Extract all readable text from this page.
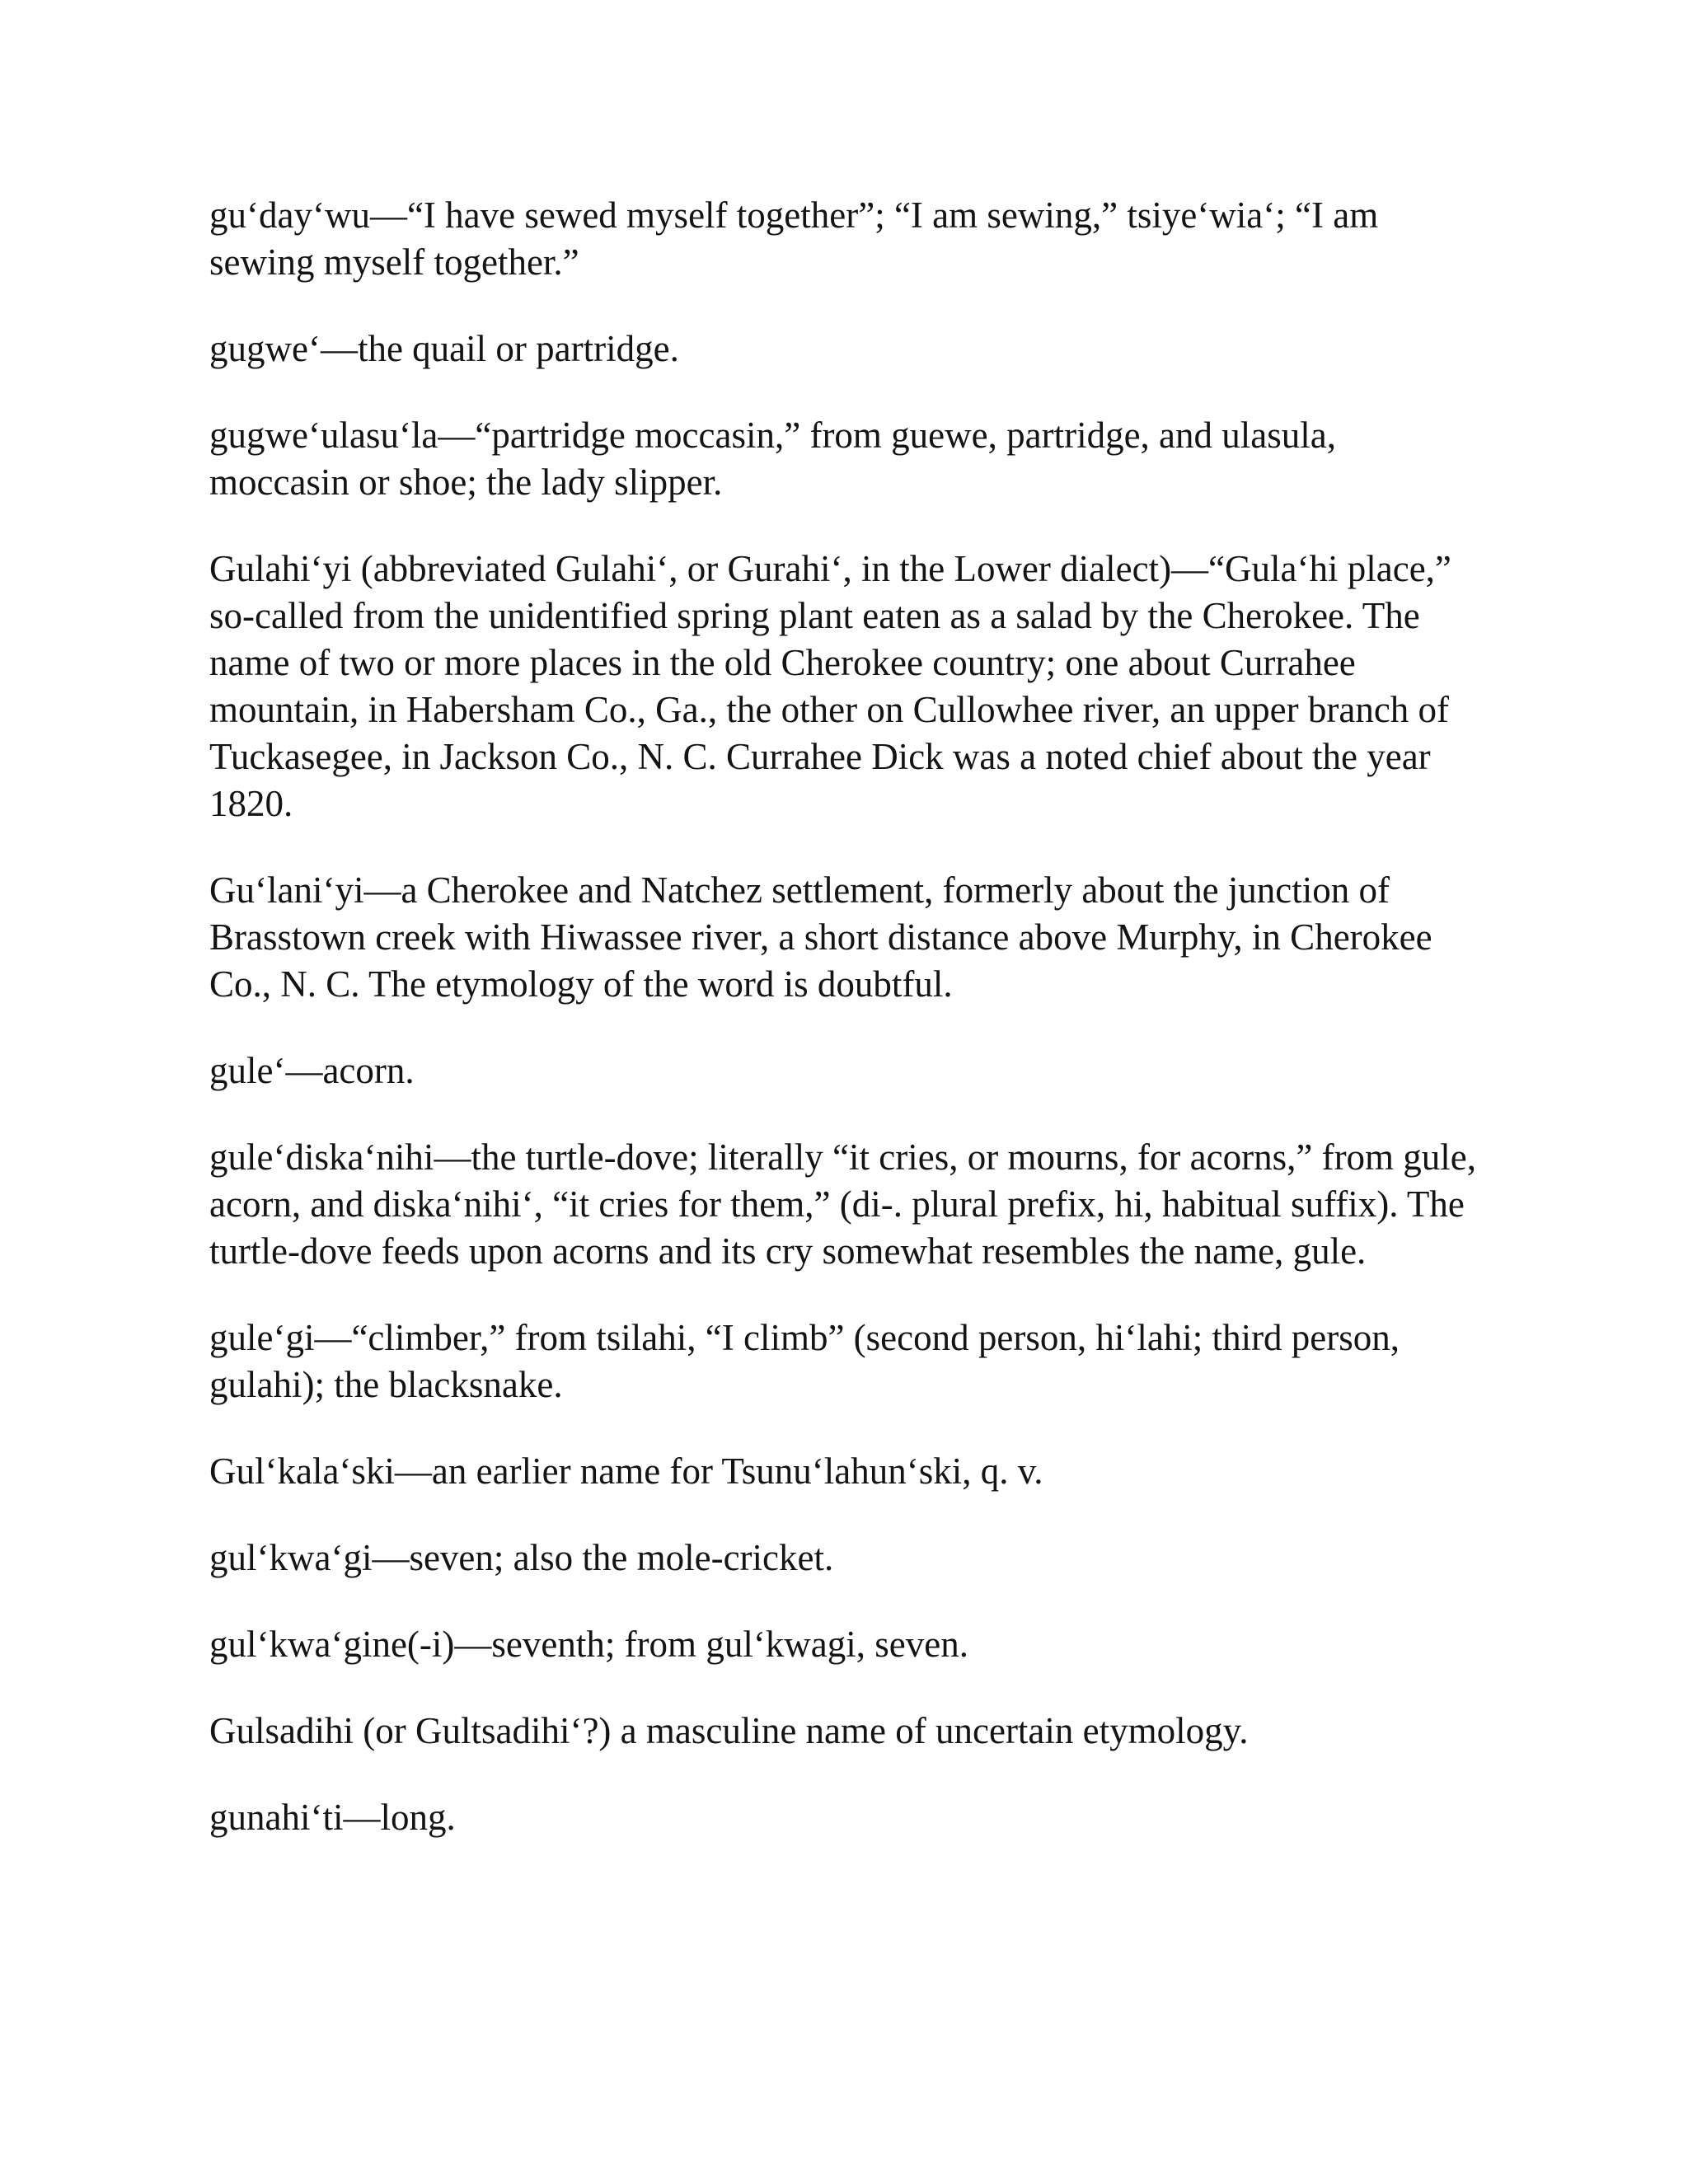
gu‘day‘wu—“I have sewed myself together”; “I am sewing,” tsiye‘wia‘; “I am sewing myself together.”

gugwe‘—the quail or partridge.

gugwe‘ulasu‘la—“partridge moccasin,” from guewe, partridge, and ulasula, moccasin or shoe; the lady slipper.

Gulahi‘yi (abbreviated Gulahi‘, or Gurahi‘, in the Lower dialect)—“Gula‘hi place,” so-called from the unidentified spring plant eaten as a salad by the Cherokee. The name of two or more places in the old Cherokee country; one about Currahee mountain, in Habersham Co., Ga., the other on Cullowhee river, an upper branch of Tuckasegee, in Jackson Co., N. C. Currahee Dick was a noted chief about the year 1820.

Gu‘lani‘yi—a Cherokee and Natchez settlement, formerly about the junction of Brasstown creek with Hiwassee river, a short distance above Murphy, in Cherokee Co., N. C. The etymology of the word is doubtful.

gule‘—acorn.

gule‘diska‘nihi—the turtle-dove; literally “it cries, or mourns, for acorns,” from gule, acorn, and diska‘nihi‘, “it cries for them,” (di-. plural prefix, hi, habitual suffix). The turtle-dove feeds upon acorns and its cry somewhat resembles the name, gule.

gule‘gi—“climber,” from tsilahi, “I climb” (second person, hi‘lahi; third person, gulahi); the blacksnake.

Gul‘kala‘ski—an earlier name for Tsunu‘lahun‘ski, q. v.

gul‘kwa‘gi—seven; also the mole-cricket.

gul‘kwa‘gine(-i)—seventh; from gul‘kwagi, seven.

Gulsadihi (or Gultsadihi‘?) a masculine name of uncertain etymology.

gunahi‘ti—long.
